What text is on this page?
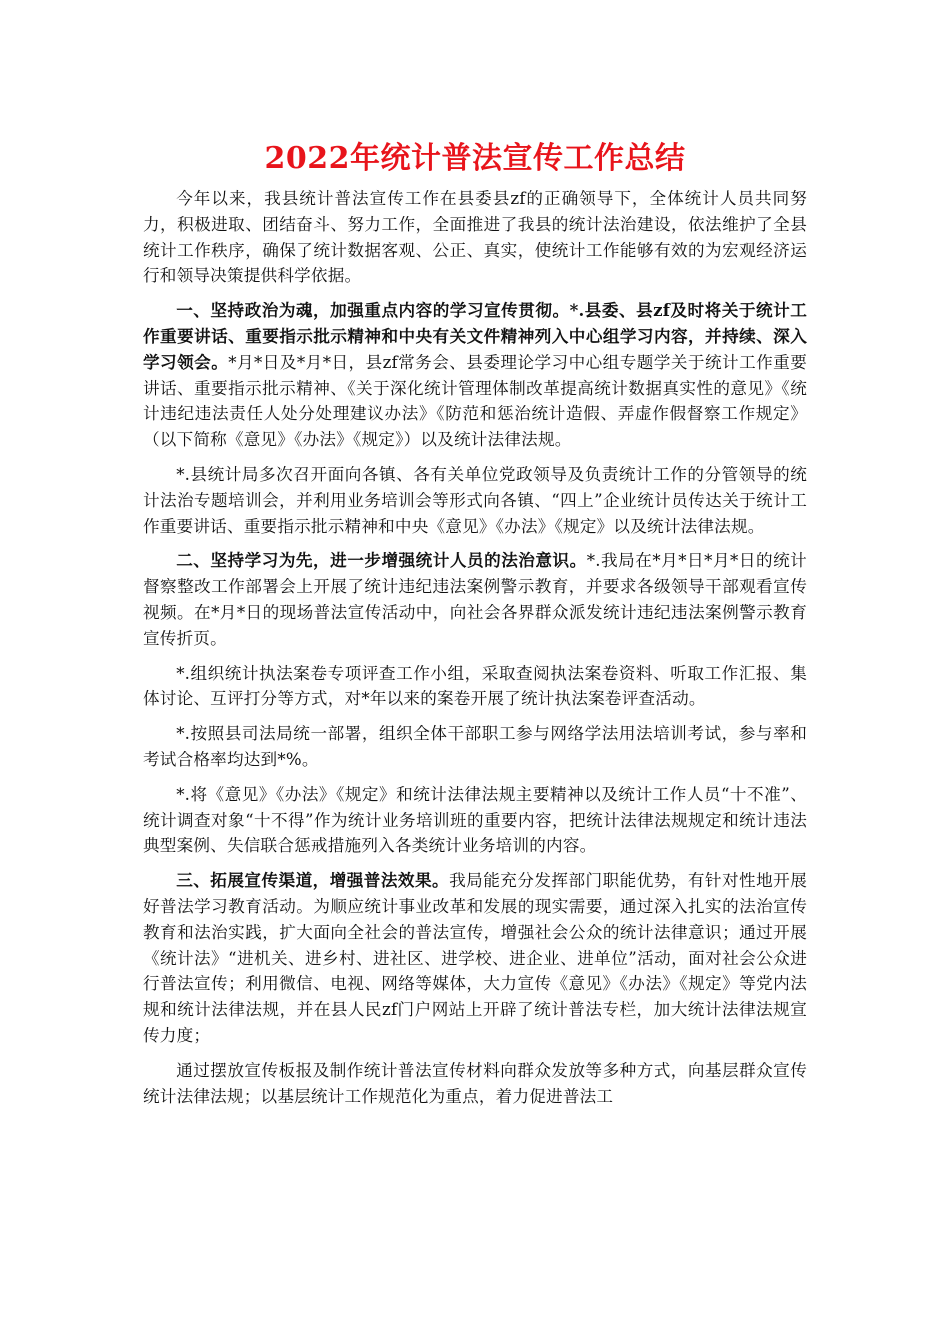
2022年统计普法宣传工作总结

今年以来，我县统计普法宣传工作在县委县zf的正确领导下，全体统计人员共同努力，积极进取、团结奋斗、努力工作，全面推进了我县的统计法治建设，依法维护了全县统计工作秩序，确保了统计数据客观、公正、真实，使统计工作能够有效的为宏观经济运行和领导决策提供科学依据。

一、坚持政治为魂，加强重点内容的学习宣传贯彻。*.县委、县zf及时将关于统计工作重要讲话、重要指示批示精神和中央有关文件精神列入中心组学习内容，并持续、深入学习领会。*月*日及*月*日，县zf常务会、县委理论学习中心组专题学关于统计工作重要讲话、重要指示批示精神、《关于深化统计管理体制改革提高统计数据真实性的意见》《统计违纪违法责任人处分处理建议办法》《防范和惩治统计造假、弄虚作假督察工作规定》（以下简称《意见》《办法》《规定》）以及统计法律法规。

*.县统计局多次召开面向各镇、各有关单位党政领导及负责统计工作的分管领导的统计法治专题培训会，并利用业务培训会等形式向各镇、“四上”企业统计员传达关于统计工作重要讲话、重要指示批示精神和中央《意见》《办法》《规定》以及统计法律法规。

二、坚持学习为先，进一步增强统计人员的法治意识。*.我局在*月*日*月*日的统计督察整改工作部署会上开展了统计违纪违法案例警示教育，并要求各级领导干部观看宣传视频。在*月*日的现场普法宣传活动中，向社会各界群众派发统计违纪违法案例警示教育宣传折页。

*.组织统计执法案卷专项评查工作小组，采取查阅执法案卷资料、听取工作汇报、集体讨论、互评打分等方式，对*年以来的案卷开展了统计执法案卷评查活动。

*.按照县司法局统一部署，组织全体干部职工参与网络学法用法培训考试，参与率和考试合格率均达到*%。

*.将《意见》《办法》《规定》和统计法律法规主要精神以及统计工作人员“十不准”、统计调查对象“十不得”作为统计业务培训班的重要内容，把统计法律法规规定和统计违法典型案例、失信联合惩戒措施列入各类统计业务培训的内容。

三、拓展宣传渠道，增强普法效果。我局能充分发挥部门职能优势，有针对性地开展好普法学习教育活动。为顺应统计事业改革和发展的现实需要，通过深入扎实的法治宣传教育和法治实践，扩大面向全社会的普法宣传，增强社会公众的统计法律意识；通过开展《统计法》“进机关、进乡村、进社区、进学校、进企业、进单位”活动，面对社会公众进行普法宣传；利用微信、电视、网络等媒体，大力宣传《意见》《办法》《规定》等党内法规和统计法律法规，并在县人民zf门户网站上开辟了统计普法专栏，加大统计法律法规宣传力度；

通过摆放宣传板报及制作统计普法宣传材料向群众发放等多种方式，向基层群众宣传统计法律法规；以基层统计工作规范化为重点，着力促进普法工
